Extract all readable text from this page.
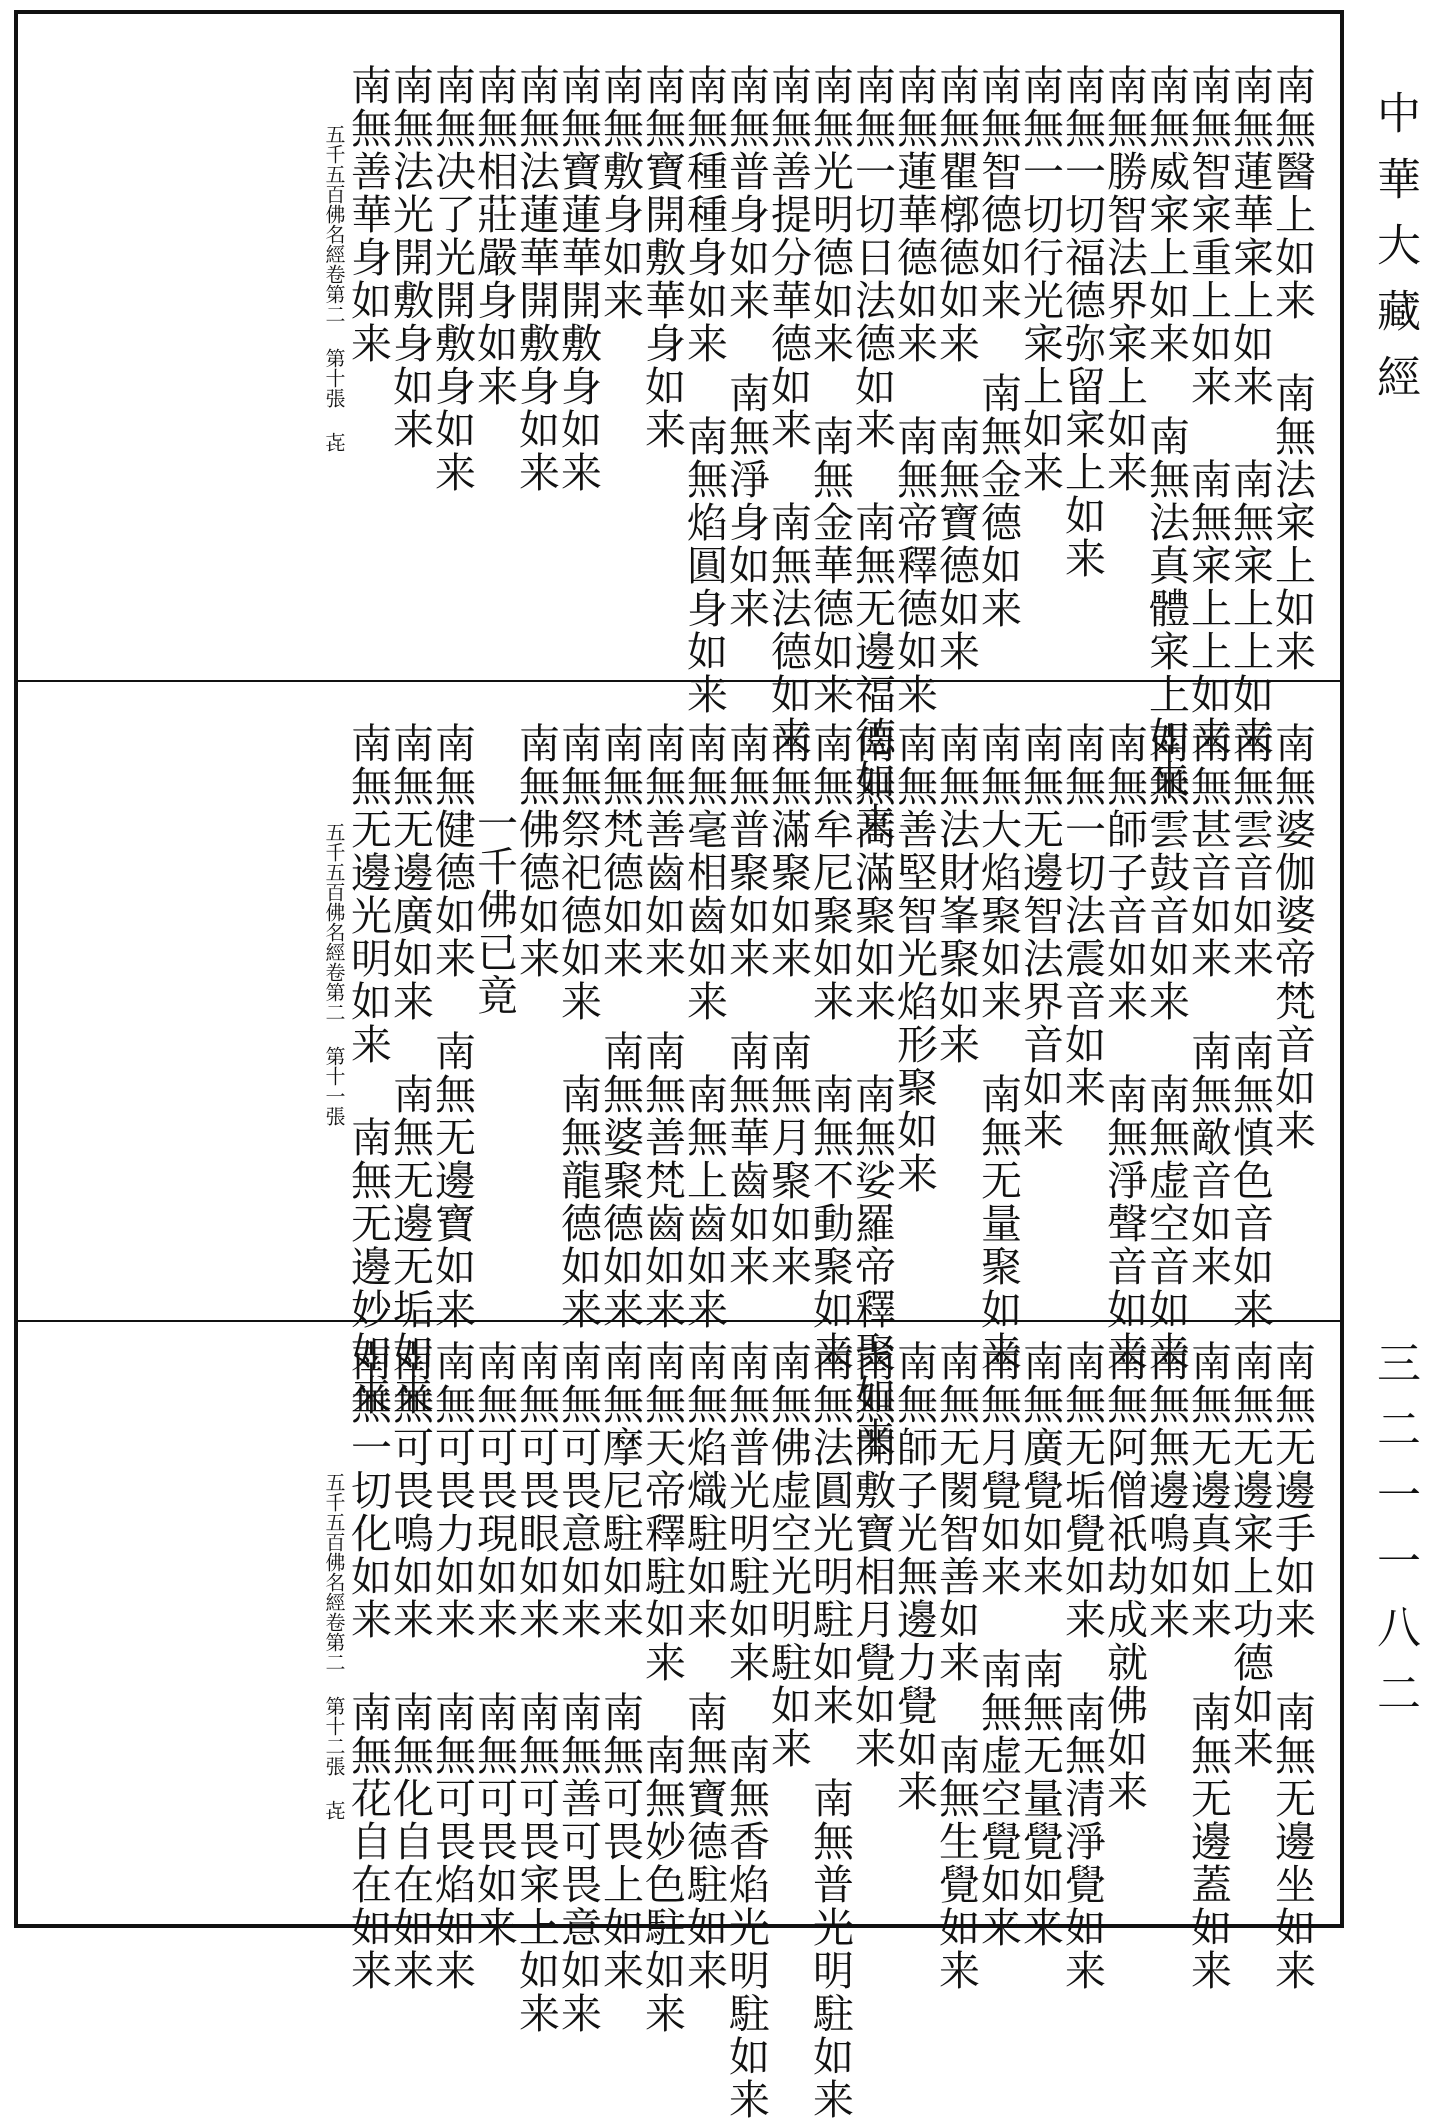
南無醫上如来 南無法宷上如来
南無蓮華宷上如来 南無宷上上如来
南無智宷重上如来 南無宷上上如来
南無威宷上如来 南無法真體宷上如来
南無勝智法界宷上如来
南無一切福德弥留宷上如来
南無一切行光宷上如来
南無智德如来 南無金德如来
南無瞿槨德如来 南無寶德如来
南無蓮華德如来 南無帝釋德如来
南無一切日法德如来 南無无邊福德如来
南無光明德如来 南無金華德如来
南無善提分華德如来 南無法德如来
南無普身如来 南無淨身如来
南無種種身如来 南無焰圓身如来
南無寶開敷華身如来
南無敷身如来
南無寶蓮華開敷身如来
南無法蓮華開敷身如来
南無相莊嚴身如来
南無决了光開敷身如来
南無法光開敷身如来
南無善華身如来
五千五百佛名經卷第二 第十張 㐂
南無婆伽婆帝梵音如来
南無雲音如来 南無慎色音如来
南無甚音如来 南無敵音如来
南無雲鼓音如来 南無虚空音如来
南無師子音如来 南無淨聲音如来
南無一切法震音如来
南無无邊智法界音如来
南無大焰聚如来 南無无量聚如来
南無法財峯聚如来
南無善堅智光焰形聚如来
南無高滿聚如来 南無娑羅帝釋聚如来
南無牟尼聚如来 南無不動聚如来
南無滿聚如来 南無月聚如来
南無普聚如来 南無華齒如来
南無毫相齒如来 南無上齒如来
南無善齒如来 南無善梵齒如来
南無梵德如来 南無婆聚德如来
南無祭祀德如来 南無龍德如来
南無佛德如来
一千佛已竟
南無健德如来 南無无邊寶如来
南無无邊廣如来 南無无邊无垢如来
南無无邊光明如来 南無无邊妙如来
五千五百佛名經卷第二 第十一張
南無无邊手如来 南無无邊坐如来
南無无邊宷上功德如来
南無无邊真如来 南無无邊蓋如来
南無無邊鳴如来
南無阿僧祇劫成就佛如来
南無无垢覺如来 南無清淨覺如来
南無廣覺如来 南無无量覺如来
南無月覺如来 南無虚空覺如来
南無无閡智善如来 南無生覺如来
南無師子光無邊力覺如来
南無開敷寶相月覺如来
南無法圓光明駐如来 南無普光明駐如来
南無佛虚空光明駐如来
南無普光明駐如来 南無香焰光明駐如来
南無焰熾駐如来 南無寶德駐如来
南無天帝釋駐如来 南無妙色駐如来
南無摩尼駐如来 南無可畏上如来
南無可畏意如来 南無善可畏意如来
南無可畏眼如来 南無可畏宷上如来
南無可畏現如来 南無可畏如来
南無可畏力如来 南無可畏焰如来
南無可畏鳴如来 南無化自在如来
南無一切化如来 南無花自在如来
五千五百佛名經卷第二 第十二張 㐂
中華大藏經
三二一一八二
